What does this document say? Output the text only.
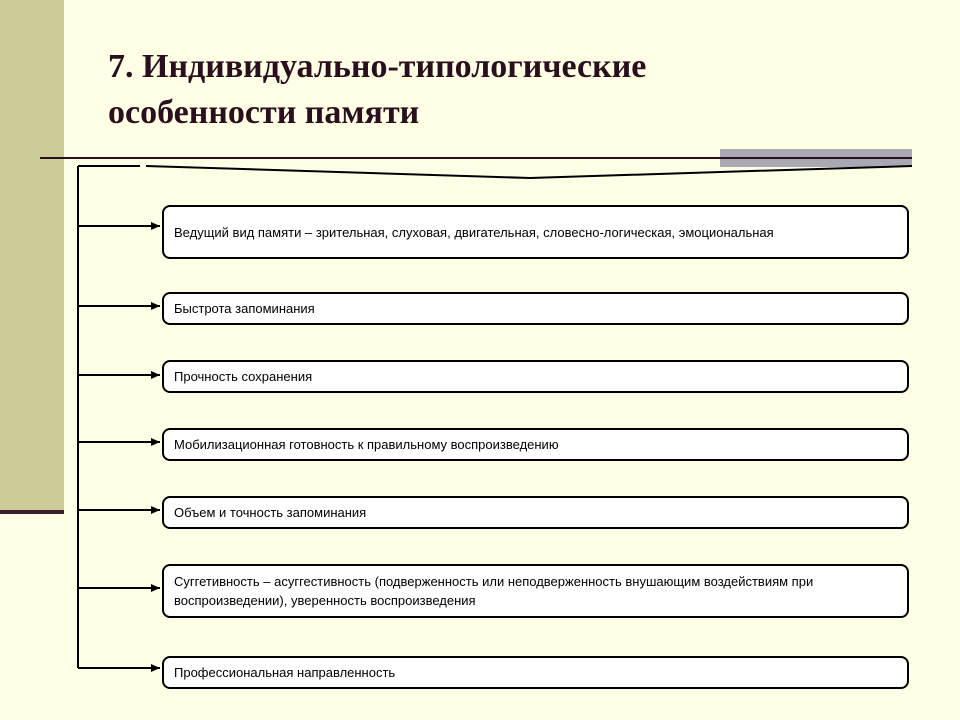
7. Индивидуально-типологические
особенности памяти
Ведущий вид памяти – зрительная, слуховая, двигательная, словесно-логическая, эмоциональная
Быстрота запоминания
Прочность сохранения
Мобилизационная готовность к правильному воспроизведению
Объем и точность запоминания
Суггетивность – асуггестивность (подверженность или неподверженность внушающим воздействиям при воспроизведении), уверенность воспроизведения
Профессиональная направленность
